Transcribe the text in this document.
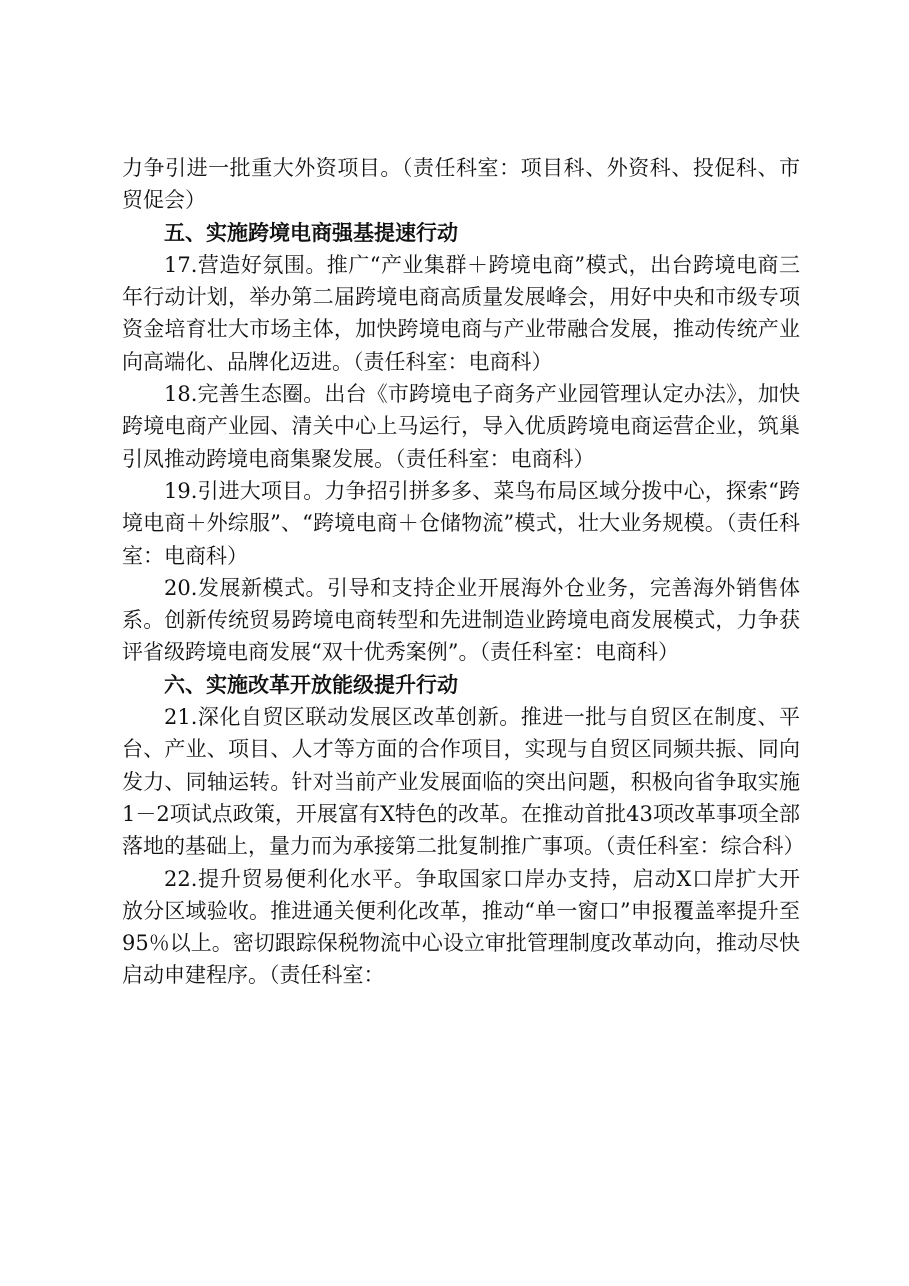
力争引进一批重大外资项目。（责任科室：项目科、外资科、投促科、市贸促会）

五、实施跨境电商强基提速行动

17.营造好氛围。推广“产业集群＋跨境电商”模式，出台跨境电商三年行动计划，举办第二届跨境电商高质量发展峰会，用好中央和市级专项资金培育壮大市场主体，加快跨境电商与产业带融合发展，推动传统产业向高端化、品牌化迈进。（责任科室：电商科）

18.完善生态圈。出台《市跨境电子商务产业园管理认定办法》，加快跨境电商产业园、清关中心上马运行，导入优质跨境电商运营企业，筑巢引凤推动跨境电商集聚发展。（责任科室：电商科）

19.引进大项目。力争招引拼多多、菜鸟布局区域分拨中心，探索“跨境电商＋外综服”、“跨境电商＋仓储物流”模式，壮大业务规模。（责任科室：电商科）

20.发展新模式。引导和支持企业开展海外仓业务，完善海外销售体系。创新传统贸易跨境电商转型和先进制造业跨境电商发展模式，力争获评省级跨境电商发展“双十优秀案例”。（责任科室：电商科）

六、实施改革开放能级提升行动

21.深化自贸区联动发展区改革创新。推进一批与自贸区在制度、平台、产业、项目、人才等方面的合作项目，实现与自贸区同频共振、同向发力、同轴运转。针对当前产业发展面临的突出问题，积极向省争取实施1－2项试点政策，开展富有X特色的改革。在推动首批43项改革事项全部落地的基础上，量力而为承接第二批复制推广事项。（责任科室：综合科）

22.提升贸易便利化水平。争取国家口岸办支持，启动X口岸扩大开放分区域验收。推进通关便利化改革，推动“单一窗口”申报覆盖率提升至95％以上。密切跟踪保税物流中心设立审批管理制度改革动向，推动尽快启动申建程序。（责任科室：
